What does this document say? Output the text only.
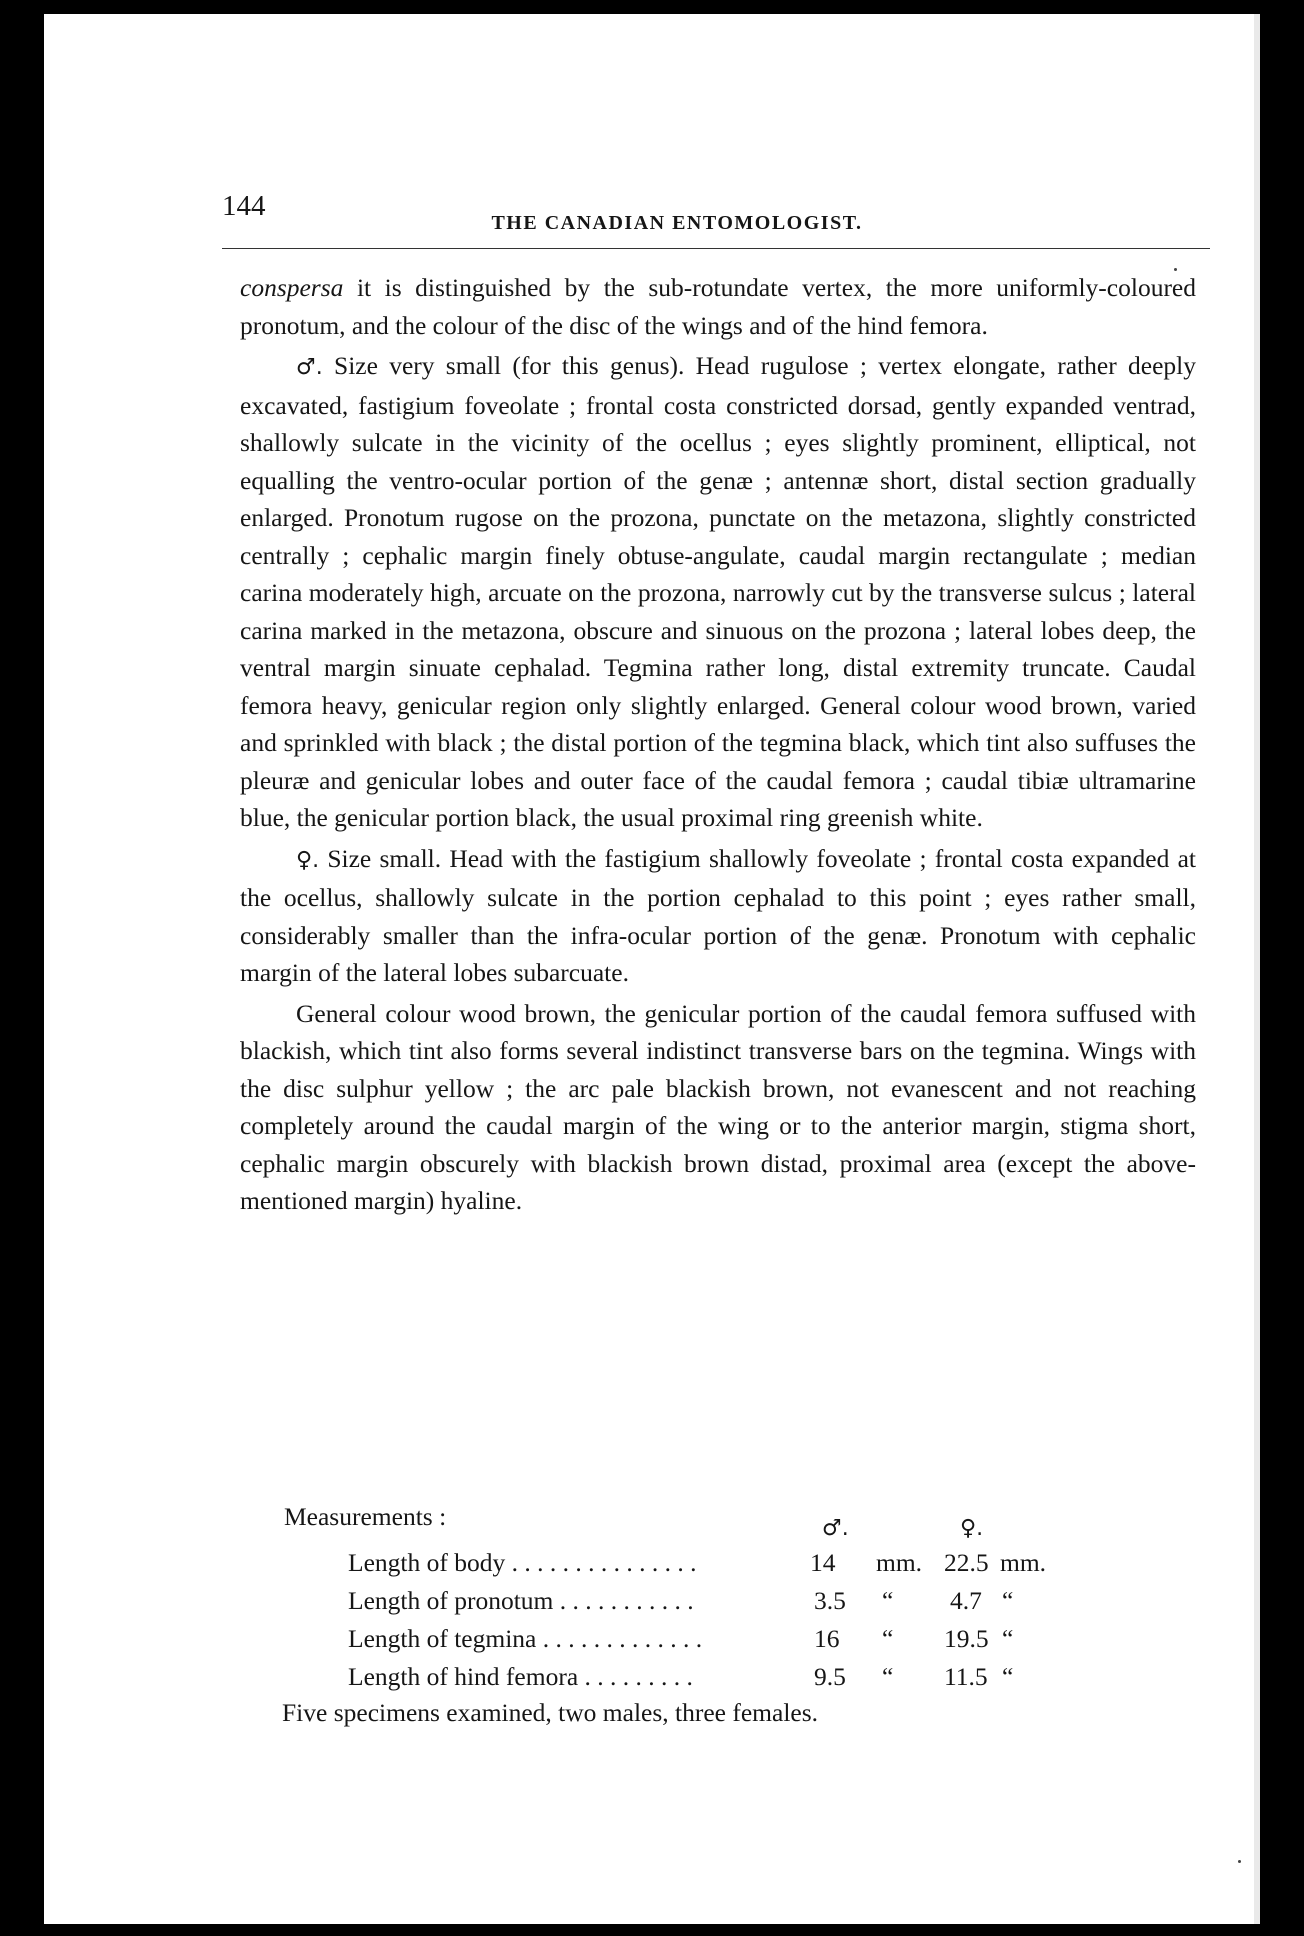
144
THE CANADIAN ENTOMOLOGIST.

conspersa it is distinguished by the sub-rotundate vertex, the more uniformly-coloured pronotum, and the colour of the disc of the wings and of the hind femora.

♂. Size very small (for this genus). Head rugulose ; vertex elongate, rather deeply excavated, fastigium foveolate ; frontal costa constricted dorsad, gently expanded ventrad, shallowly sulcate in the vicinity of the ocellus ; eyes slightly prominent, elliptical, not equalling the ventro-ocular portion of the genæ ; antennæ short, distal section gradually enlarged. Pronotum rugose on the prozona, punctate on the metazona, slightly constricted centrally ; cephalic margin finely obtuse-angulate, caudal margin rectangulate ; median carina moderately high, arcuate on the prozona, narrowly cut by the transverse sulcus ; lateral carina marked in the metazona, obscure and sinuous on the prozona ; lateral lobes deep, the ventral margin sinuate cephalad. Tegmina rather long, distal extremity truncate. Caudal femora heavy, genicular region only slightly enlarged. General colour wood brown, varied and sprinkled with black ; the distal portion of the tegmina black, which tint also suffuses the pleuræ and genicular lobes and outer face of the caudal femora ; caudal tibiæ ultramarine blue, the genicular portion black, the usual proximal ring greenish white.

♀. Size small. Head with the fastigium shallowly foveolate ; frontal costa expanded at the ocellus, shallowly sulcate in the portion cephalad to this point ; eyes rather small, considerably smaller than the infra-ocular portion of the genæ. Pronotum with cephalic margin of the lateral lobes subarcuate.

General colour wood brown, the genicular portion of the caudal femora suffused with blackish, which tint also forms several indistinct transverse bars on the tegmina. Wings with the disc sulphur yellow ; the arc pale blackish brown, not evanescent and not reaching completely around the caudal margin of the wing or to the anterior margin, stigma short, cephalic margin obscurely with blackish brown distad, proximal area (except the above-mentioned margin) hyaline.

Measurements :	♂.	♀.
Length of body . . . . . . . . . . . . . . .	14 mm. 22.5 mm.
Length of pronotum . . . . . . . . . . .	3.5 “ 4.7 “
Length of tegmina . . . . . . . . . . . . .	16 “ 19.5 “
Length of hind femora . . . . . . . . .	9.5 “ 11.5 “
Five specimens examined, two males, three females.
